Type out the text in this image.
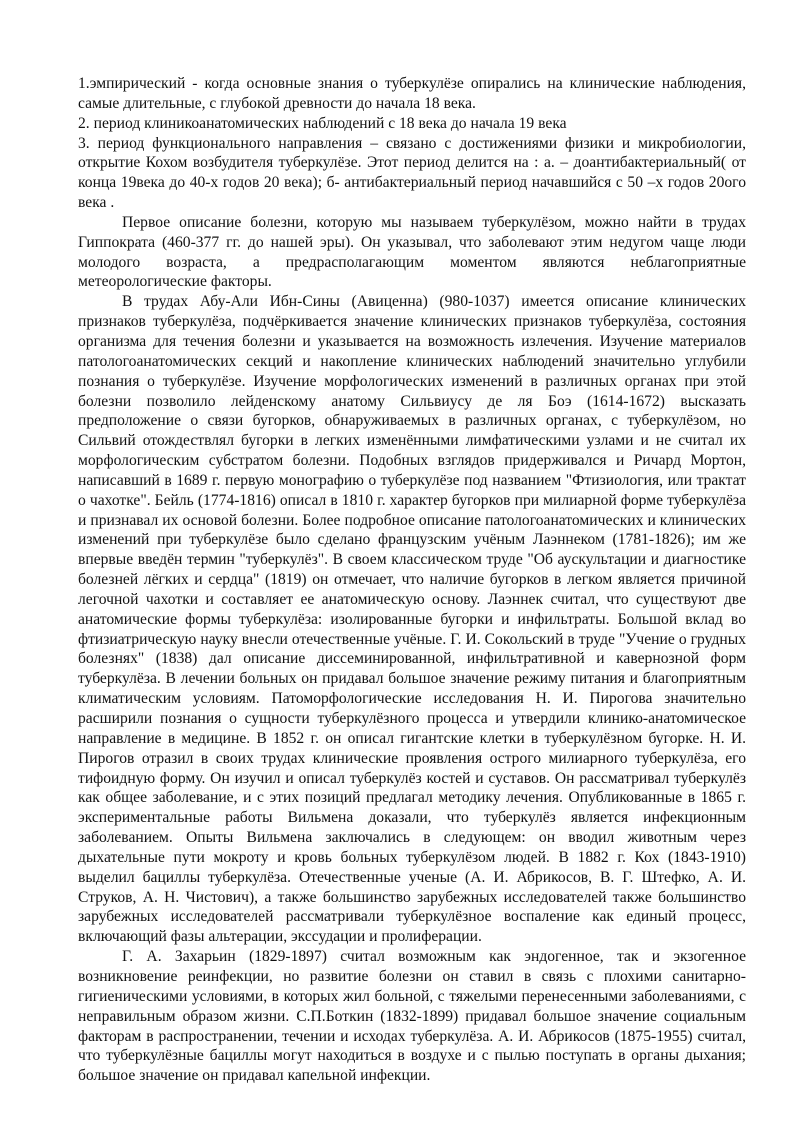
1.эмпирический - когда основные знания о туберкулёзе опирались на клинические наблюдения, самые длительные, с глубокой древности до начала 18 века.

2. период клиникоанатомических наблюдений с 18 века до начала 19 века

3. период функционального направления – связано с достижениями физики и микробиологии, открытие Кохом возбудителя туберкулёзе. Этот период делится на : а. – доантибактериальный( от конца 19века до 40-х годов 20 века); б- антибактериальный период начавшийся с 50 –х годов 20ого века .

Первое описание болезни, которую мы называем туберкулёзом, можно найти в трудах Гиппократа (460-377 гг. до нашей эры). Он указывал, что заболевают этим недугом чаще люди молодого возраста, а предрасполагающим моментом являются неблагоприятные метеорологические факторы.

В трудах Абу-Али Ибн-Сины (Авиценна) (980-1037) имеется описание клинических признаков туберкулёза, подчёркивается значение клинических признаков туберкулёза, состояния организма для течения болезни и указывается на возможность излечения. Изучение материалов патологоанатомических секций и накопление клинических наблюдений значительно углубили познания о туберкулёзе. Изучение морфологических изменений в различных органах при этой болезни позволило лейденскому анатому Сильвиусу де ля Боэ (1614-1672) высказать предположение о связи бугорков, обнаруживаемых в различных органах, с туберкулёзом, но Сильвий отождествлял бугорки в легких изменёнными лимфатическими узлами и не считал их морфологическим субстратом болезни. Подобных взглядов придерживался и Ричард Мортон, написавший в 1689 г. первую монографию о туберкулёзе под названием "Фтизиология, или трактат о чахотке". Бейль (1774-1816) описал в 1810 г. характер бугорков при милиарной форме туберкулёза и признавал их основой болезни. Более подробное описание патологоанатомических и клинических изменений при туберкулёзе было сделано французским учёным Лаэннеком (1781-1826); им же впервые введён термин "туберкулёз". В своем классическом труде "Об аускультации и диагностике болезней лёгких и сердца" (1819) он отмечает, что наличие бугорков в легком является причиной легочной чахотки и составляет ее анатомическую основу. Лаэннек считал, что существуют две анатомические формы туберкулёза: изолированные бугорки и инфильтраты. Большой вклад во фтизиатрическую науку внесли отечественные учёные. Г. И. Сокольский в труде "Учение о грудных болезнях" (1838) дал описание диссеминированной, инфильтративной и кавернозной форм туберкулёза. В лечении больных он придавал большое значение режиму питания и благоприятным климатическим условиям. Патоморфологические исследования Н. И. Пирогова значительно расширили познания о сущности туберкулёзного процесса и утвердили клинико-анатомическое направление в медицине. В 1852 г. он описал гигантские клетки в туберкулёзном бугорке. Н. И. Пирогов отразил в своих трудах клинические проявления острого милиарного туберкулёза, его тифоидную форму. Он изучил и описал туберкулёз костей и суставов. Он рассматривал туберкулёз как общее заболевание, и с этих позиций предлагал методику лечения. Опубликованные в 1865 г. экспериментальные работы Вильмена доказали, что туберкулёз является инфекционным заболеванием. Опыты Вильмена заключались в следующем: он вводил животным через дыхательные пути мокроту и кровь больных туберкулёзом людей. В 1882 г. Кох (1843-1910) выделил бациллы туберкулёза. Отечественные ученые (А. И. Абрикосов, В. Г. Штефко, А. И. Струков, А. Н. Чистович), а также большинство зарубежных исследователей также большинство зарубежных исследователей рассматривали туберкулёзное воспаление как единый процесс, включающий фазы альтерации, экссудации и пролиферации.

Г. А. Захарьин (1829-1897) считал возможным как эндогенное, так и экзогенное возникновение реинфекции, но развитие болезни он ставил в связь с плохими санитарно-гигиеническими условиями, в которых жил больной, с тяжелыми перенесенными заболеваниями, с неправильным образом жизни. С.П.Боткин (1832-1899) придавал большое значение социальным факторам в распространении, течении и исходах туберкулёза. А. И. Абрикосов (1875-1955) считал, что туберкулёзные бациллы могут находиться в воздухе и с пылью поступать в органы дыхания; большое значение он придавал капельной инфекции.
